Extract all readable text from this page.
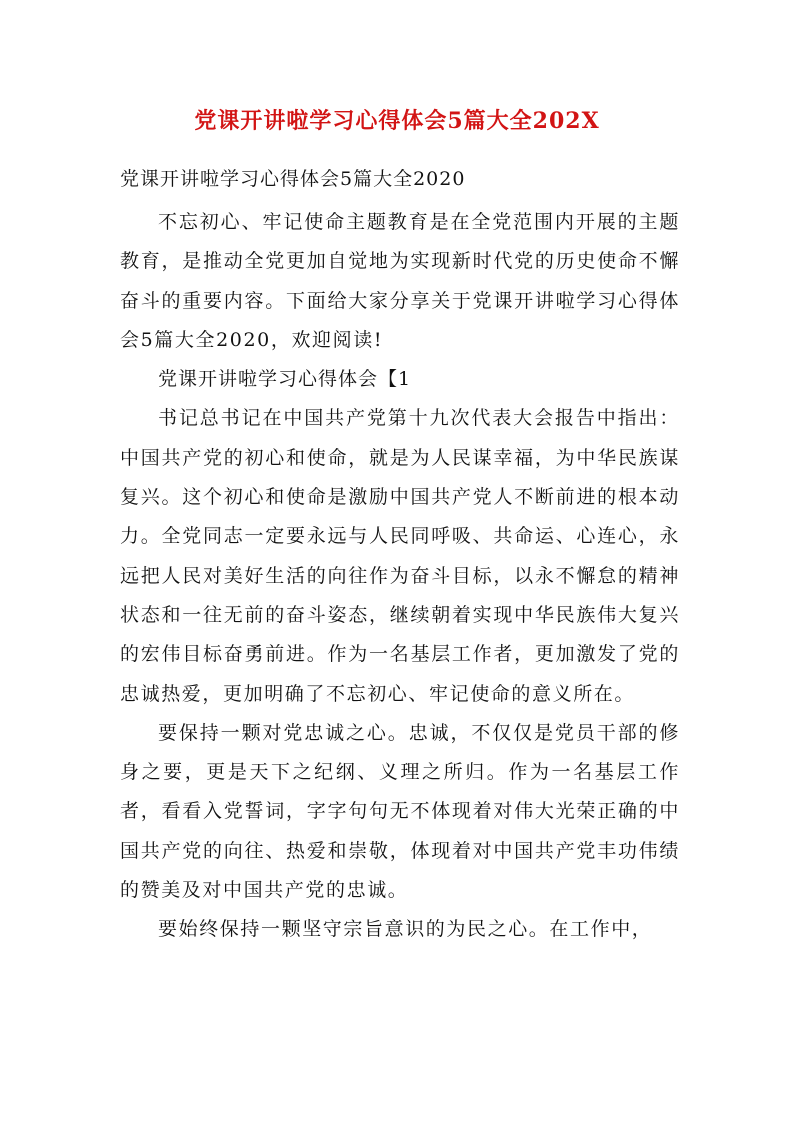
党课开讲啦学习心得体会5篇大全202X
党课开讲啦学习心得体会5篇大全2020

不忘初心、牢记使命主题教育是在全党范围内开展的主题教育，是推动全党更加自觉地为实现新时代党的历史使命不懈奋斗的重要内容。下面给大家分享关于党课开讲啦学习心得体会5篇大全2020，欢迎阅读!

党课开讲啦学习心得体会【1

书记总书记在中国共产党第十九次代表大会报告中指出：中国共产党的初心和使命，就是为人民谋幸福，为中华民族谋复兴。这个初心和使命是激励中国共产党人不断前进的根本动力。全党同志一定要永远与人民同呼吸、共命运、心连心，永远把人民对美好生活的向往作为奋斗目标，以永不懈怠的精神状态和一往无前的奋斗姿态，继续朝着实现中华民族伟大复兴的宏伟目标奋勇前进。作为一名基层工作者，更加激发了党的忠诚热爱，更加明确了不忘初心、牢记使命的意义所在。

要保持一颗对党忠诚之心。忠诚，不仅仅是党员干部的修身之要，更是天下之纪纲、义理之所归。作为一名基层工作者，看看入党誓词，字字句句无不体现着对伟大光荣正确的中国共产党的向往、热爱和崇敬，体现着对中国共产党丰功伟绩的赞美及对中国共产党的忠诚。

要始终保持一颗坚守宗旨意识的为民之心。在工作中，
